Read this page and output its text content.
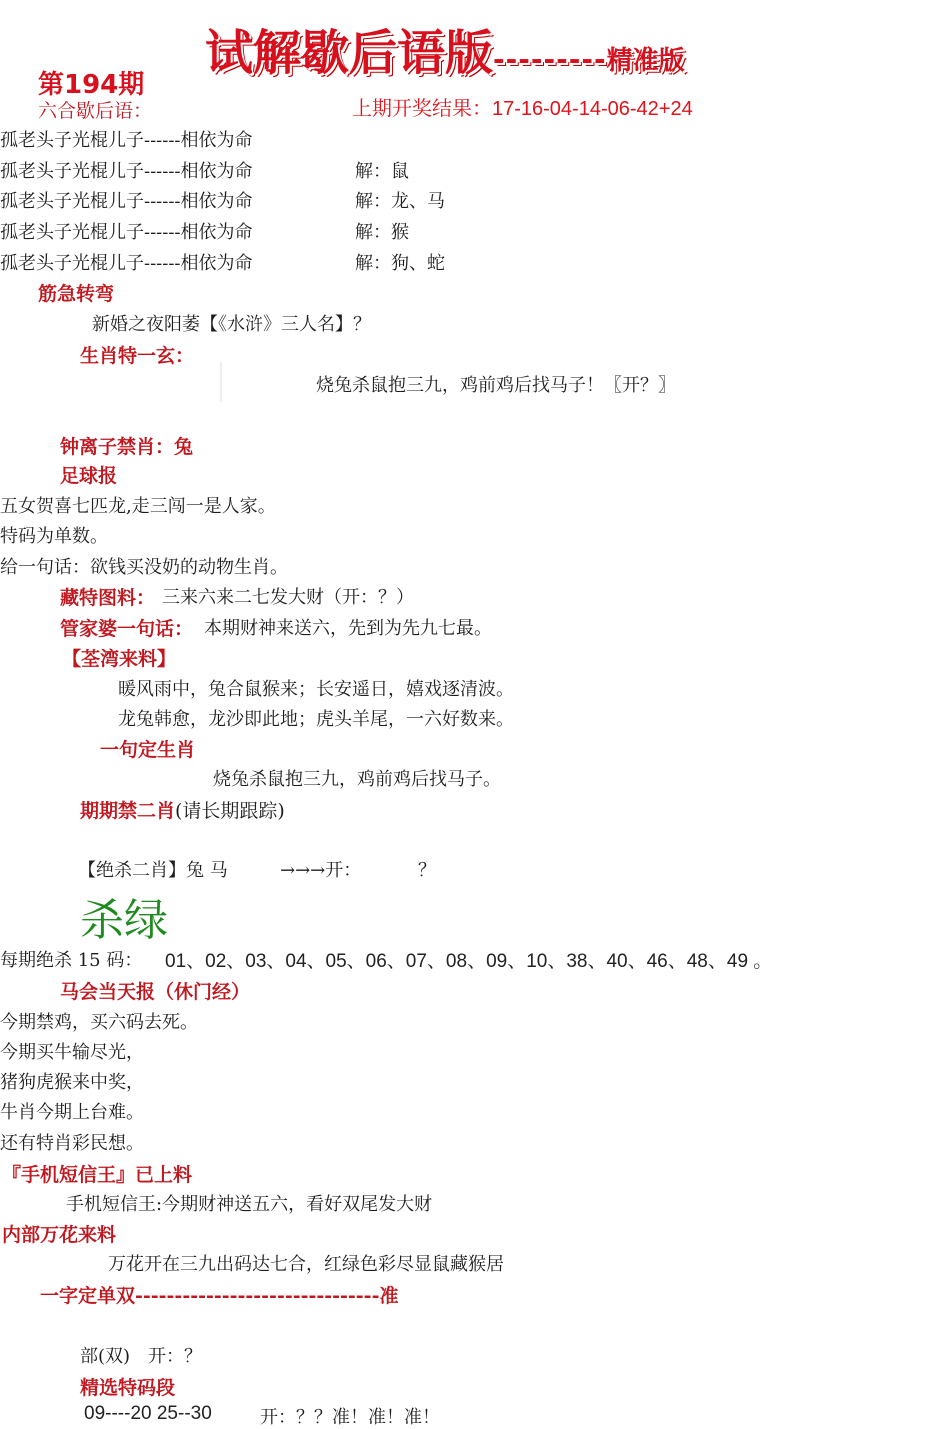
试解歇后语版---------精准版
第194期
六合歇后语：	上期开奖结果：17-16-04-14-06-42+24
孤老头子光棍儿子------相依为命
孤老头子光棍儿子------相依为命	解：鼠
孤老头子光棍儿子------相依为命	解：龙、马
孤老头子光棍儿子------相依为命	解：猴
孤老头子光棍儿子------相依为命	解：狗、蛇
筋急转弯
新婚之夜阳萎【《水浒》三人名】？
生肖特一玄：
烧兔杀鼠抱三九，鸡前鸡后找马子！〖开？〗
钟离子禁肖：兔
足球报
五女贺喜七匹龙,走三闯一是人家。
特码为单数。
给一句话：欲钱买没奶的动物生肖。
藏特图料： 三来六来二七发大财（开：？）
管家婆一句话： 本期财神来送六，先到为先九七最。
【荃湾来料】
暖风雨中，兔合鼠猴来；长安遥日，嬉戏逐清波。
龙兔韩愈，龙沙即此地；虎头羊尾，一六好数来。
一句定生肖
烧兔杀鼠抱三九，鸡前鸡后找马子。
期期禁二肖(请长期跟踪)
【绝杀二肖】兔 马	→→→开：	？
杀绿
每期绝杀 15 码： 01、02、03、04、05、06、07、08、09、10、38、40、46、48、49 。
马会当天报（休门经）
今期禁鸡，买六码去死。
今期买牛输尽光，
猪狗虎猴来中奖，
牛肖今期上台难。
还有特肖彩民想。
『手机短信王』已上料
手机短信王:今期财神送五六，看好双尾发大财
内部万花来料
万花开在三九出码达七合，红绿色彩尽显鼠藏猴居
一字定单双-------------------------------准
部(双)　开：？
精选特码段
09----20 25--30	开：？？准！准！准！
